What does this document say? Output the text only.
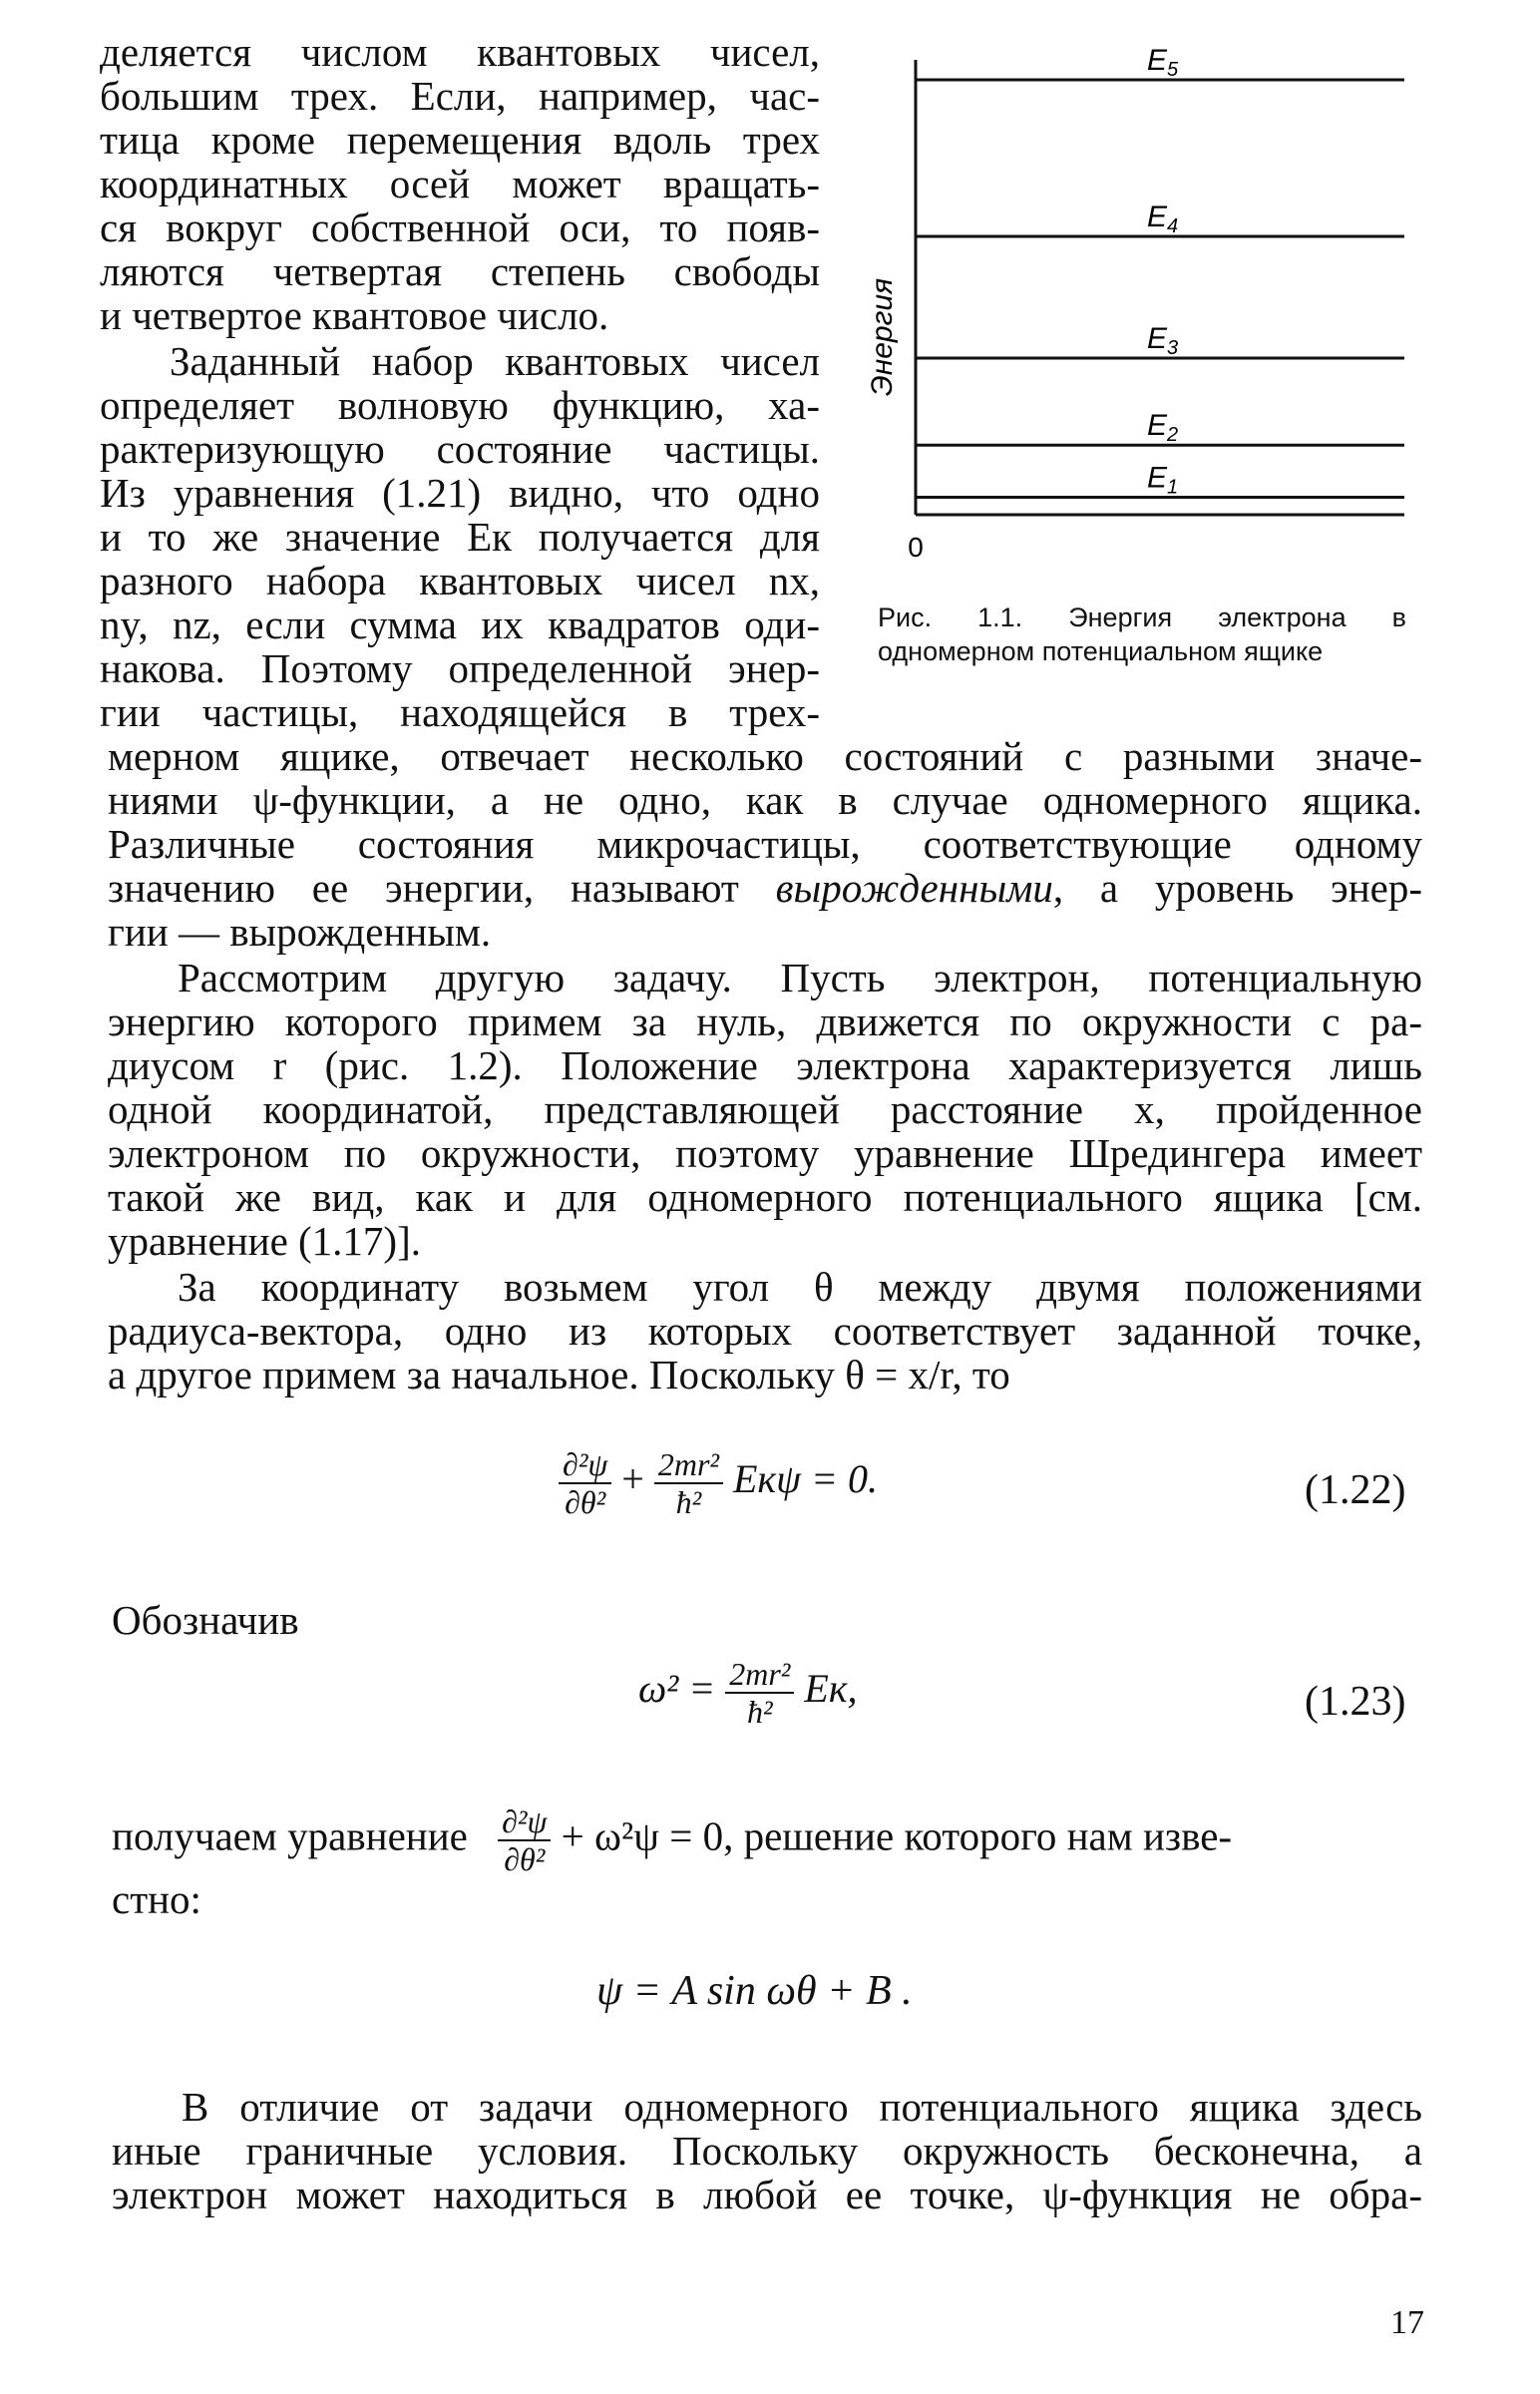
деляется числом квантовых чисел,
большим трех. Если, например, час-
тица кроме перемещения вдоль трех
координатных осей может вращать-
ся вокруг собственной оси, то появ-
ляются четвертая степень свободы
и четвертое квантовое число.
Заданный набор квантовых чисел
определяет волновую функцию, ха-
рактеризующую состояние частицы.
Из уравнения (1.21) видно, что одно
и то же значение Eк получается для
разного набора квантовых чисел nx,
ny, nz, если сумма их квадратов оди-
накова. Поэтому определенной энер-
гии частицы, находящейся в трех-
мерном ящике, отвечает несколько состояний с разными значе-
ниями ψ-функции, а не одно, как в случае одномерного ящика.
Различные состояния микрочастицы, соответствующие одному
значению ее энергии, называют вырожденными, а уровень энер-
гии — вырожденным.
Рассмотрим другую задачу. Пусть электрон, потенциальную
энергию которого примем за нуль, движется по окружности с ра-
диусом r (рис. 1.2). Положение электрона характеризуется лишь
одной координатой, представляющей расстояние x, пройденное
электроном по окружности, поэтому уравнение Шредингера имеет
такой же вид, как и для одномерного потенциального ящика [см.
уравнение (1.17)].
За координату возьмем угол θ между двумя положениями
радиуса-вектора, одно из которых соответствует заданной точке,
а другое примем за начальное. Поскольку θ = x/r, то
$\frac{\text{∂²ψ}}{\text{∂θ²}} + \frac{\text{2mr²}}{\text{ħ²}}$ Eкψ = 0.	(1.22)
Обозначив
$\omega^2 = \frac{\text{2mr²}}{\text{ħ²}}$ Eк,	(1.23)
получаем уравнение $\frac{\text{∂²ψ}}{\text{∂θ²}} + \omega^2\psi = 0$, решение которого нам изве-
стно:
ψ = A sin ωθ + B .
В отличие от задачи одномерного потенциального ящика здесь
иные граничные условия. Поскольку окружность бесконечна, а
электрон может находиться в любой ее точке, ψ-функция не обра-
0
Энергия
$E_5$
$E_4$
$E_3$
$E_2$
$E_1$
Рис. 1.1. Энергия электрона в
одномерном потенциальном ящике
17
